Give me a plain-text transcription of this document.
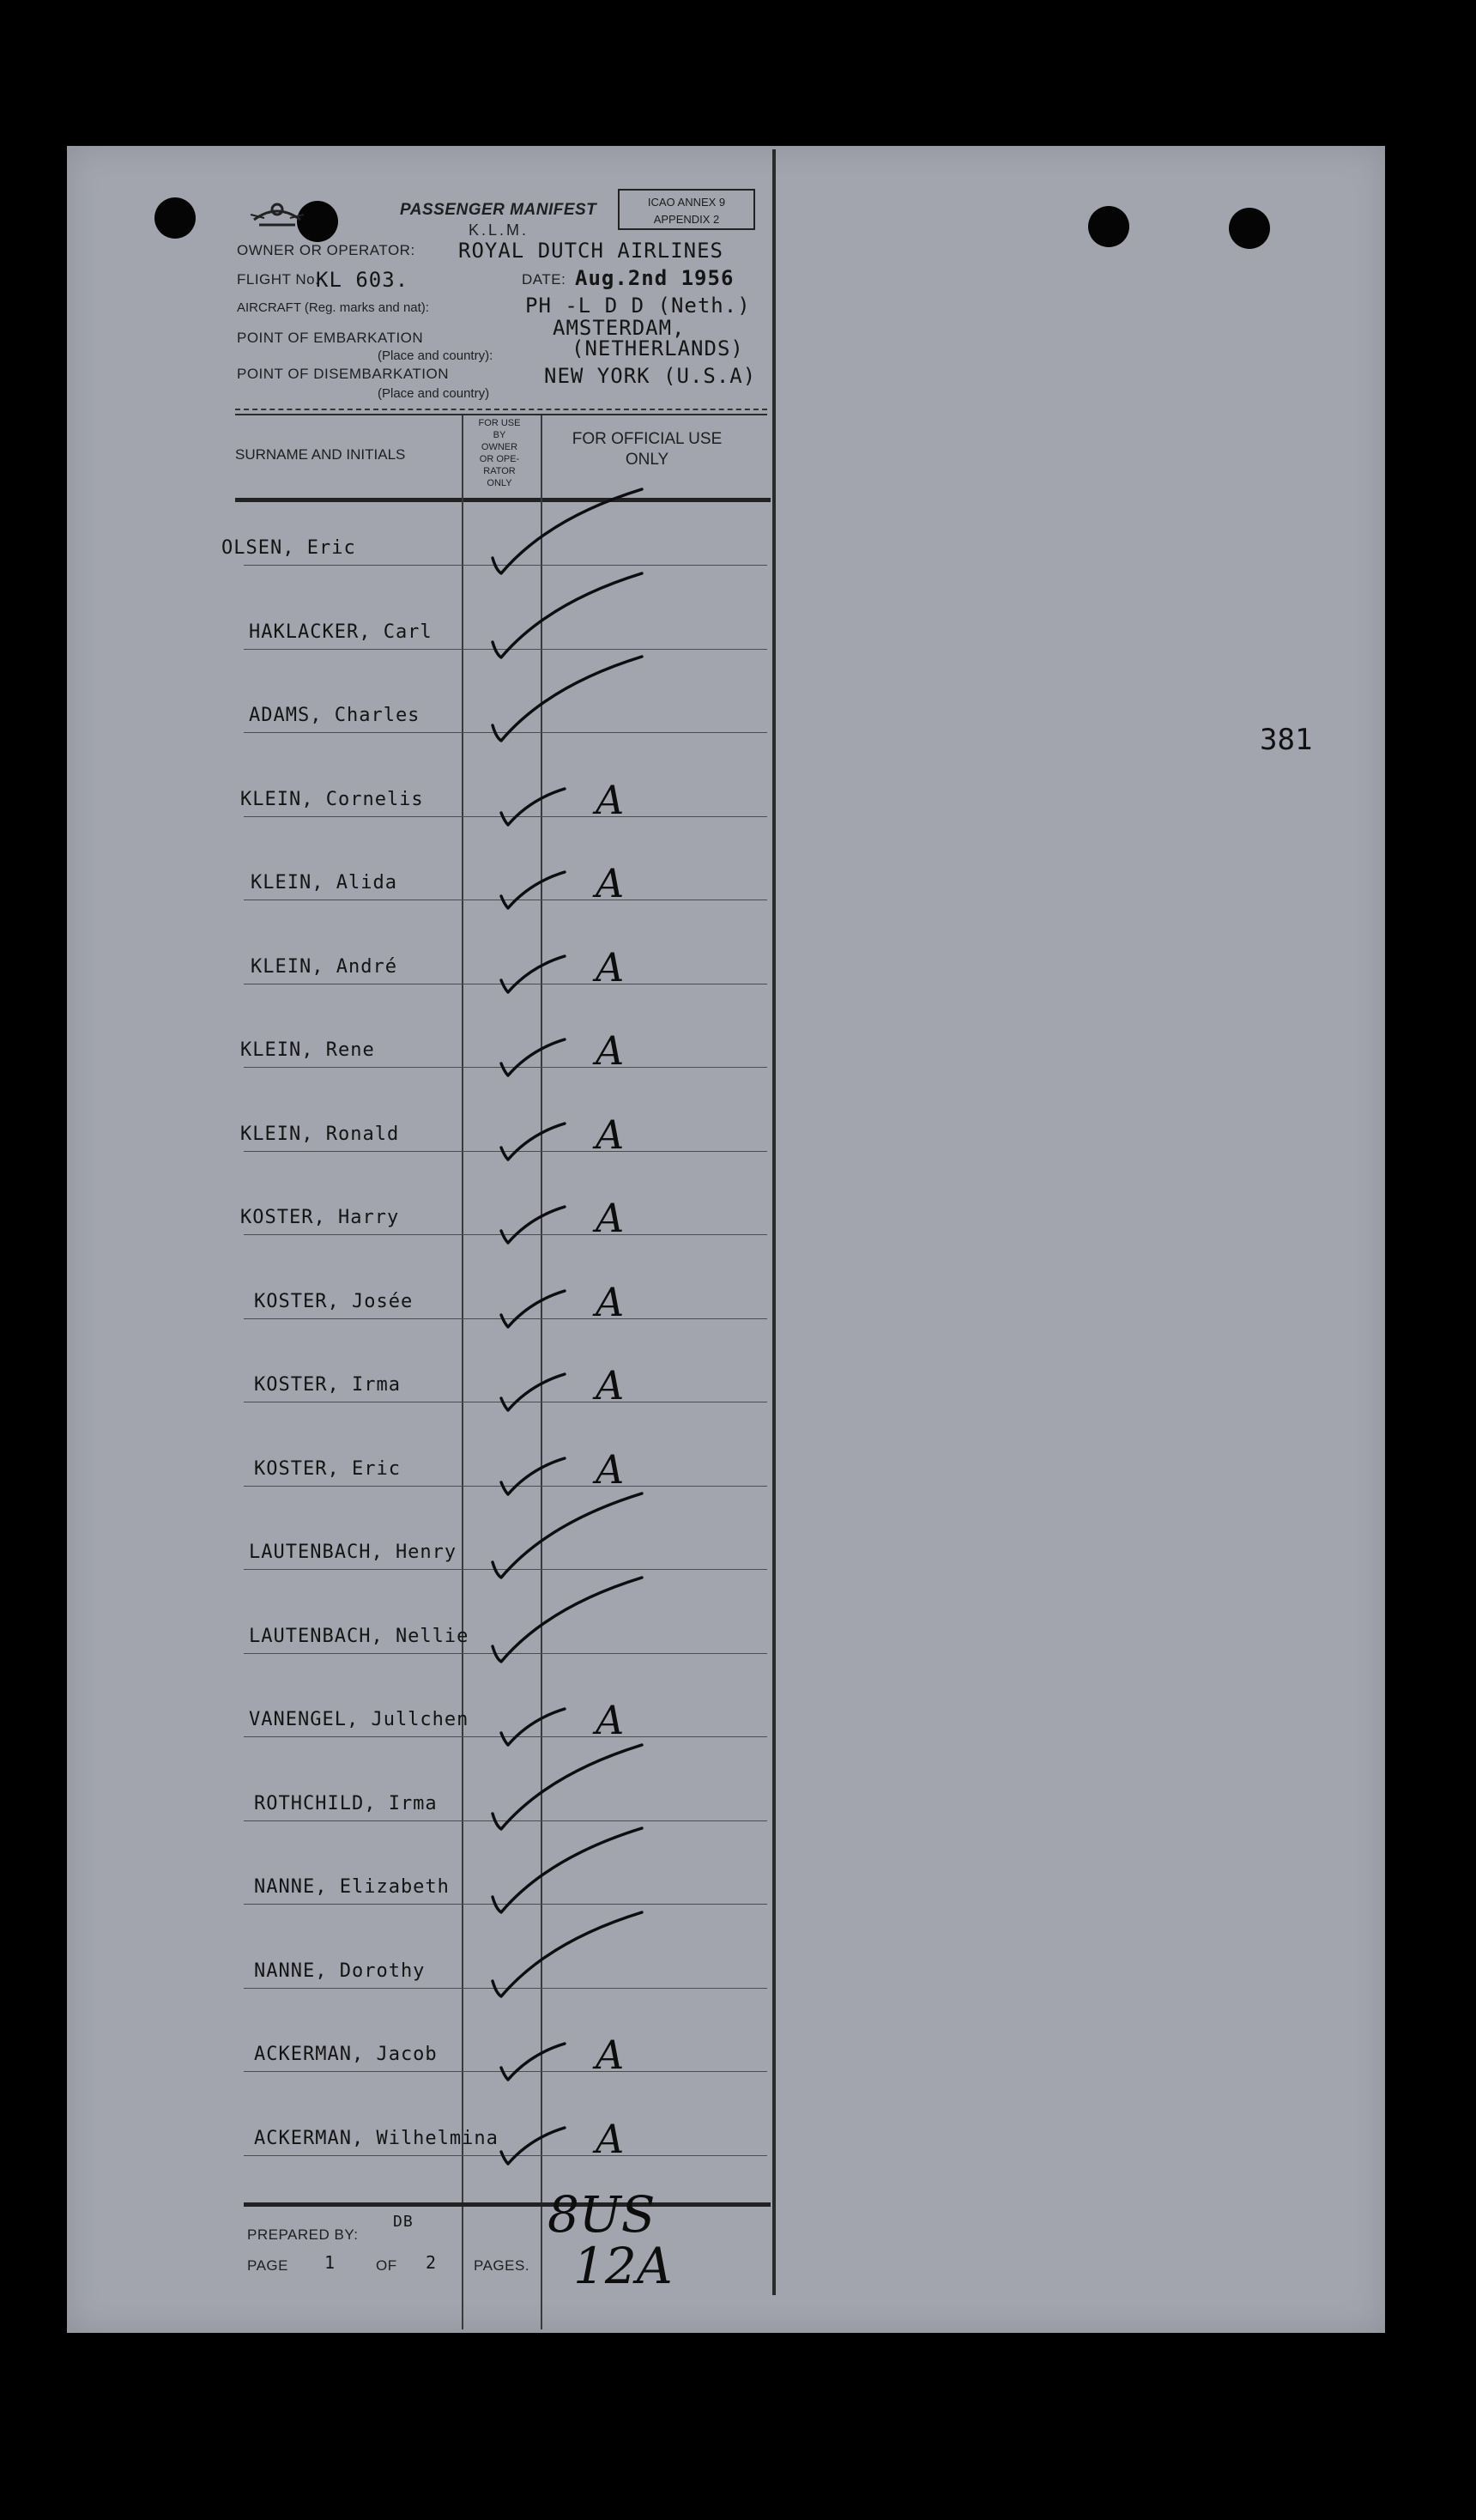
PASSENGER MANIFEST
K.L.M.
ICAO ANNEX 9
APPENDIX 2
OWNER OR OPERATOR: ROYAL DUTCH AIRLINES
FLIGHT No.
KL 603.	DATE: Aug.2nd 1956
AIRCRAFT (Reg. marks and nat):	PH -L D D (Neth.)
POINT OF EMBARKATION	AMSTERDAM,
(Place and country):	(NETHERLANDS)
POINT OF DISEMBARKATION	NEW YORK (U.S.A)
(Place and country)
SURNAME AND INITIALS
FOR USE
BY
OWNER
OR OPE-
RATOR
ONLY
FOR OFFICIAL USE
ONLY
OLSEN, Eric
HAKLACKER, Carl
ADAMS, Charles
KLEIN, Cornelis	A
KLEIN, Alida	A
KLEIN, André	A
KLEIN, Rene	A
KLEIN, Ronald	A
KOSTER, Harry	A
KOSTER, Josée	A
KOSTER, Irma	A
KOSTER, Eric	A
LAUTENBACH, Henry
LAUTENBACH, Nellie
VANENGEL, Jullchen	A
ROTHCHILD, Irma
NANNE, Elizabeth
NANNE, Dorothy
ACKERMAN, Jacob	A
ACKERMAN, Wilhelmina A
PREPARED BY:
DB
PAGE 1	OF 2	PAGES.
8US
12A
381
